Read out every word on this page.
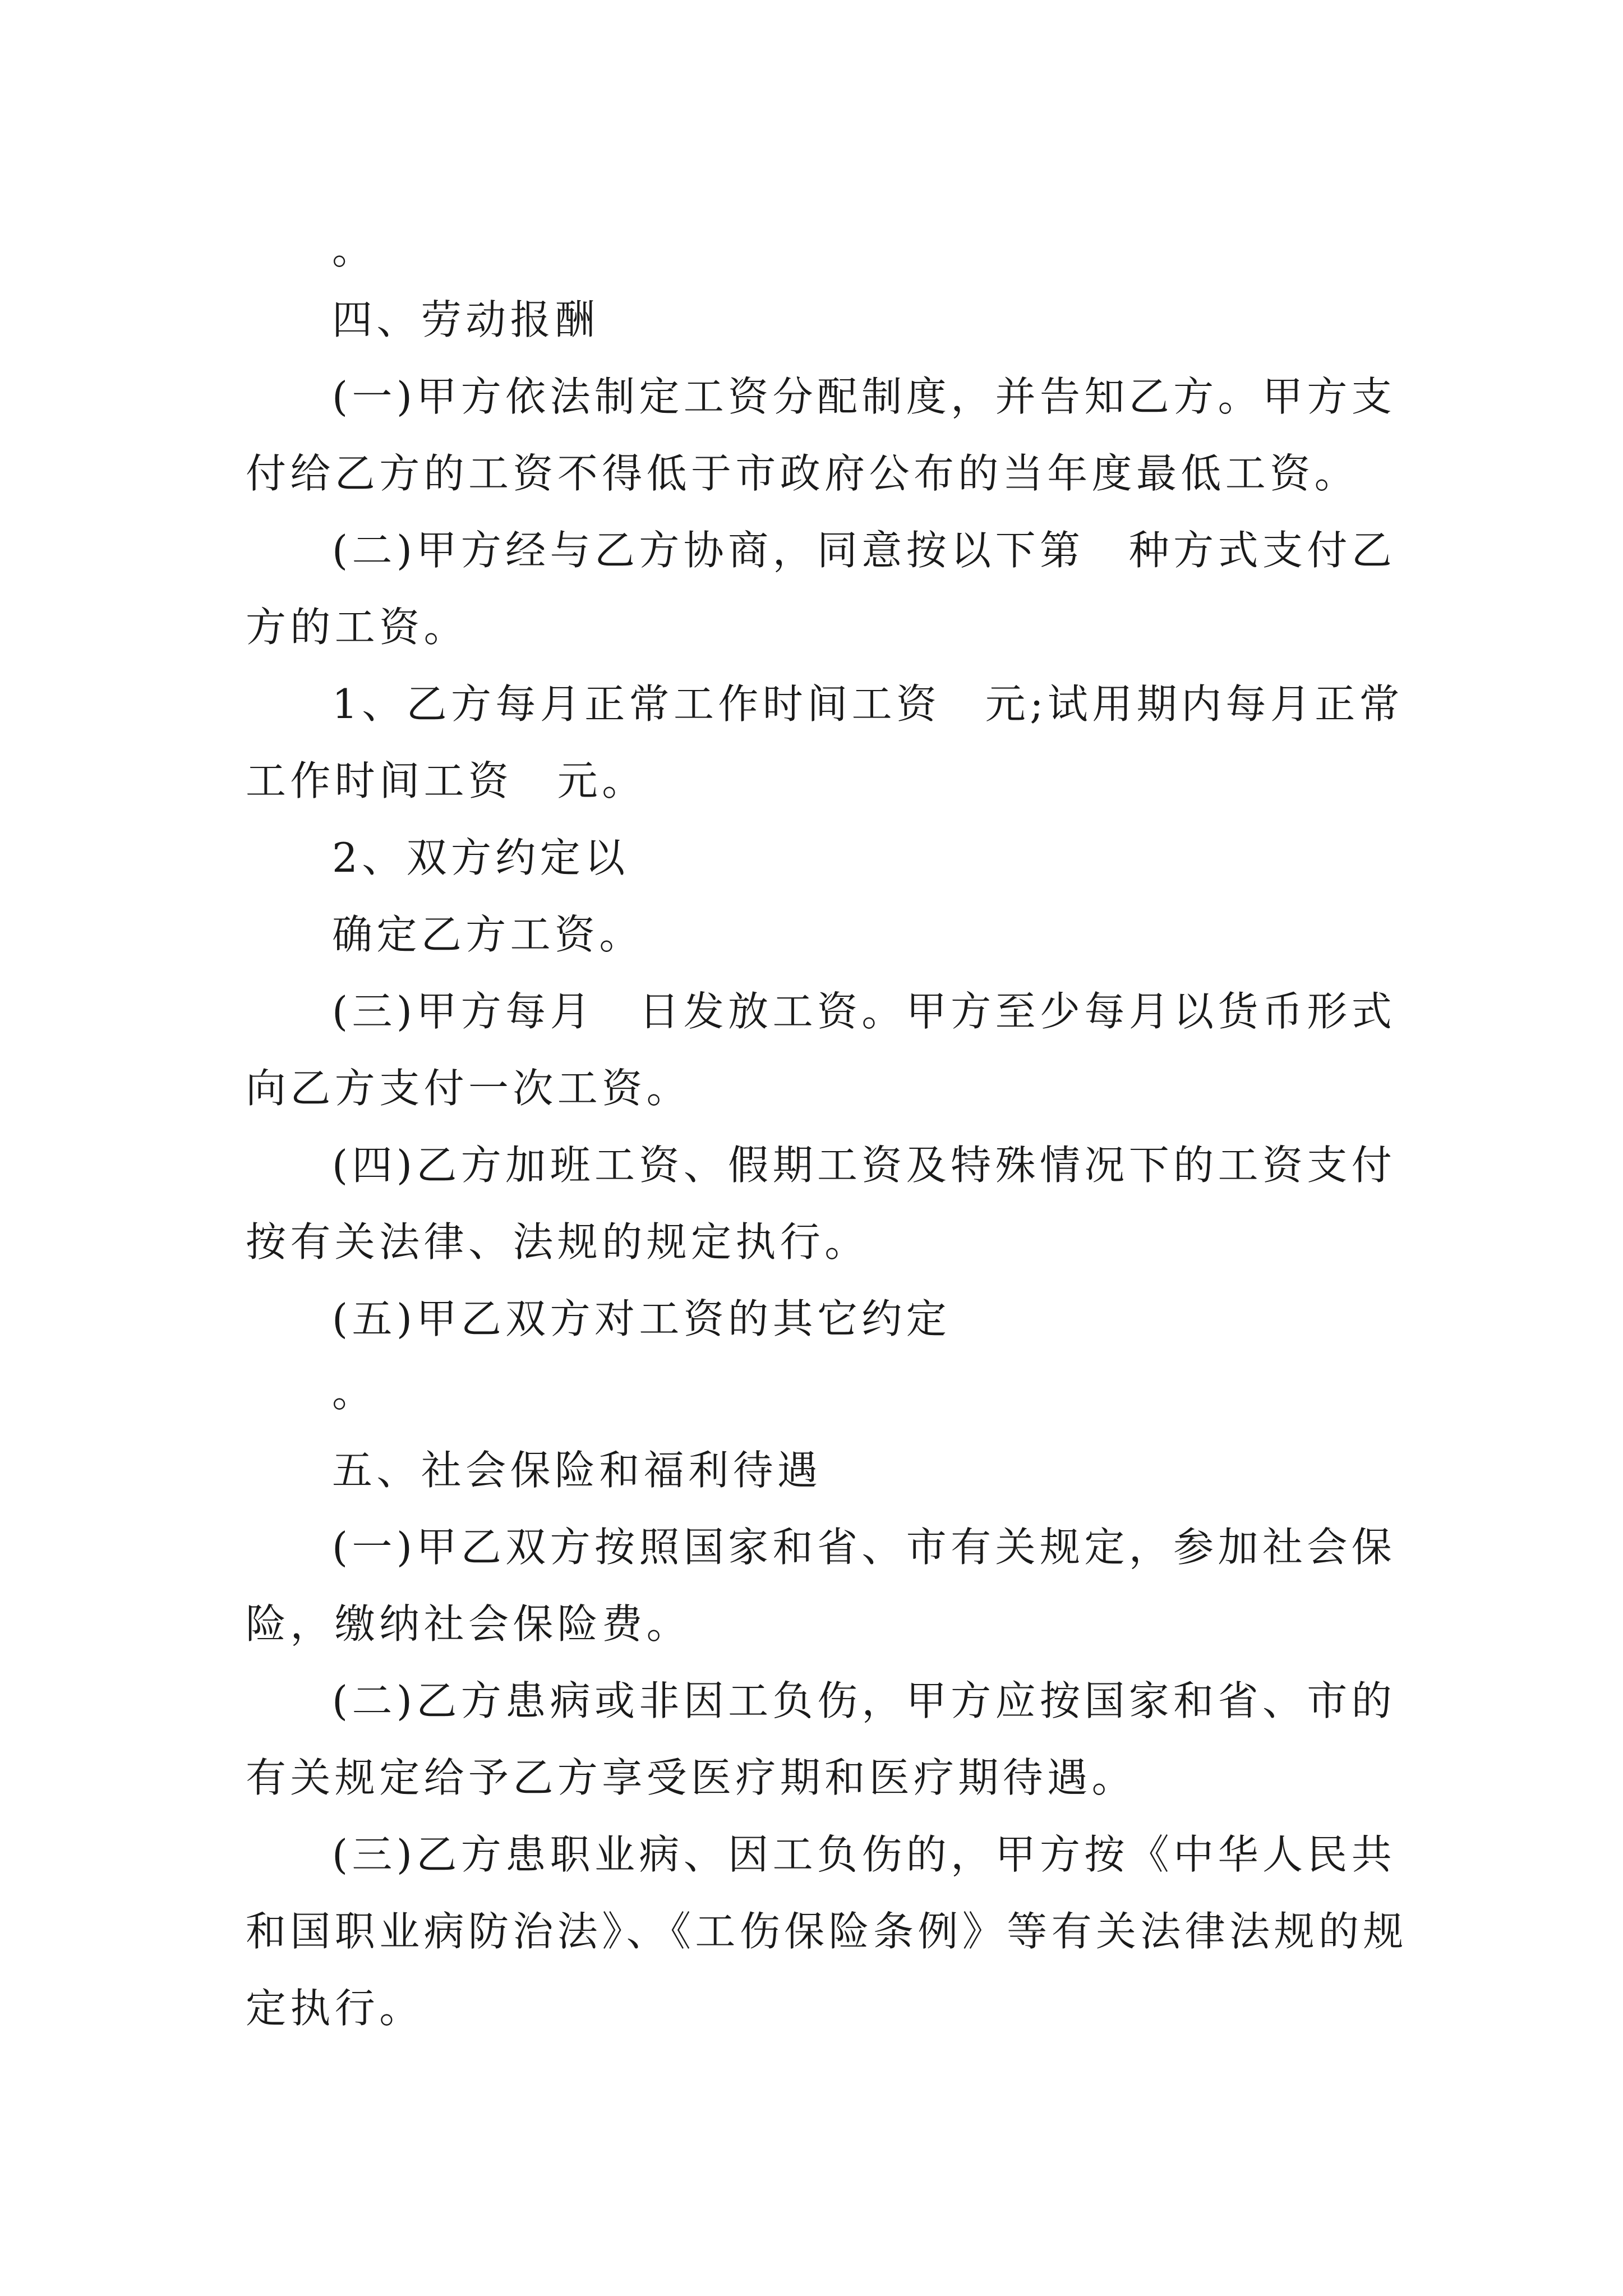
。
四、劳动报酬
(一)甲方依法制定工资分配制度，并告知乙方。甲方支
付给乙方的工资不得低于市政府公布的当年度最低工资。
(二)甲方经与乙方协商，同意按以下第　种方式支付乙
方的工资。
1、乙方每月正常工作时间工资　元;试用期内每月正常
工作时间工资　元。
2、双方约定以
确定乙方工资。
(三)甲方每月　日发放工资。甲方至少每月以货币形式
向乙方支付一次工资。
(四)乙方加班工资、假期工资及特殊情况下的工资支付
按有关法律、法规的规定执行。
(五)甲乙双方对工资的其它约定
。
五、社会保险和福利待遇
(一)甲乙双方按照国家和省、市有关规定，参加社会保
险，缴纳社会保险费。
(二)乙方患病或非因工负伤，甲方应按国家和省、市的
有关规定给予乙方享受医疗期和医疗期待遇。
(三)乙方患职业病、因工负伤的，甲方按《中华人民共
和国职业病防治法》、《工伤保险条例》等有关法律法规的规
定执行。
